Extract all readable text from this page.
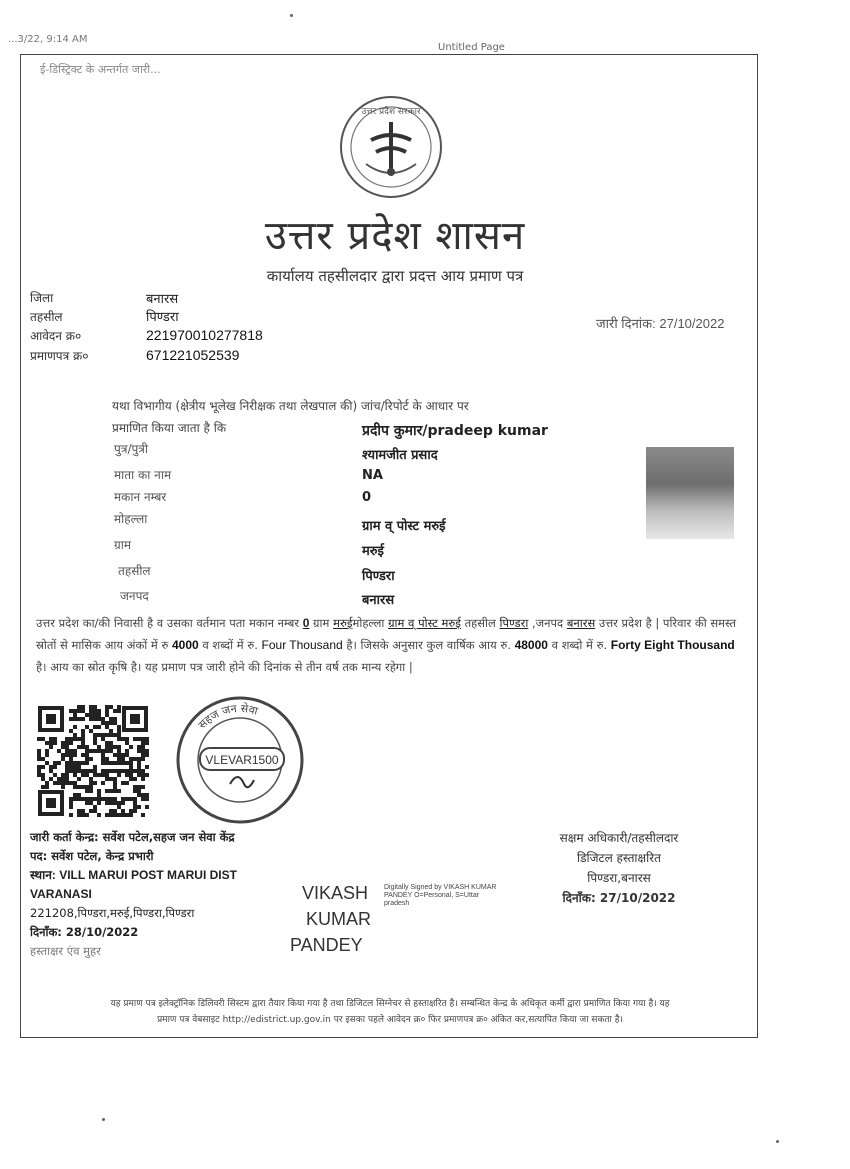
...3/22, 9:14 AM
Untitled Page
ई-डिस्ट्रिक्ट के अन्तर्गत जारी...
उत्तर प्रदेश सरकार
उत्तर प्रदेश शासन
कार्यालय तहसीलदार द्वारा प्रदत्त आय प्रमाण पत्र
जिला	बनारस
तहसील	पिण्डरा
आवेदन क्र०	221970010277818
प्रमाणपत्र क्र०	671221052539
जारी दिनांक: 27/10/2022
यथा विभागीय (क्षेत्रीय भूलेख निरीक्षक तथा लेखपाल की) जांच/रिपोर्ट के आधार पर
प्रमाणित किया जाता है कि	प्रदीप कुमार/pradeep kumar
पुत्र/पुत्री	श्यामजीत प्रसाद
माता का नाम	NA
मकान नम्बर	0
मोहल्ला	ग्राम व् पोस्ट मरुई
ग्राम	मरुई
तहसील	पिण्डरा
जनपद	बनारस
उत्तर प्रदेश का/की निवासी है व उसका वर्तमान पता मकान नम्बर 0 ग्राम मरुईमोहल्ला ग्राम व् पोस्ट मरुई तहसील पिण्डरा ,जनपद बनारस उत्तर प्रदेश है | परिवार की समस्त स्रोतों से मासिक आय अंकों में रु 4000 व शब्दों में रु. Four Thousand है। जिसके अनुसार कुल वार्षिक आय रु. 48000 व शब्दो में रु. Forty Eight Thousand है। आय का स्रोत कृषि है। यह प्रमाण पत्र जारी होने की दिनांक से तीन वर्ष तक मान्य रहेगा |
सहज जन सेवा
VLEVAR1500
जारी कर्ता केन्द्र: सर्वेश पटेल,सहज जन सेवा केंद्र
पद: सर्वेश पटेल, केन्द्र प्रभारी
स्थान: VILL MARUI POST MARUI DIST VARANASI
221208,पिण्डरा,मरुई,पिण्डरा,पिण्डरा
दिनाँक: 28/10/2022
हस्ताक्षर एंव मुहर
VIKASH
KUMAR
PANDEY
Digitally Signed by VIKASH KUMAR PANDEY O=Personal, S=Uttar pradesh
सक्षम अधिकारी/तहसीलदार
डिजिटल हस्ताक्षरित
पिण्डरा,बनारस
दिनाँक: 27/10/2022
यह प्रमाण पत्र इलेक्ट्रॉनिक डिलिवरी सिस्टम द्वारा तैयार किया गया है तथा डिजिटल सिग्नेचर से हस्ताक्षरित है। सम्बन्धित केन्द्र के अधिकृत कर्मी द्वारा प्रमाणित किया गया है। यह
प्रमाण पत्र वेबसाइट http://edistrict.up.gov.in पर इसका पहले आवेदन क्र० फिर प्रमाणपत्र क्र० अंकित कर,सत्यापित किया जा सकता है।
